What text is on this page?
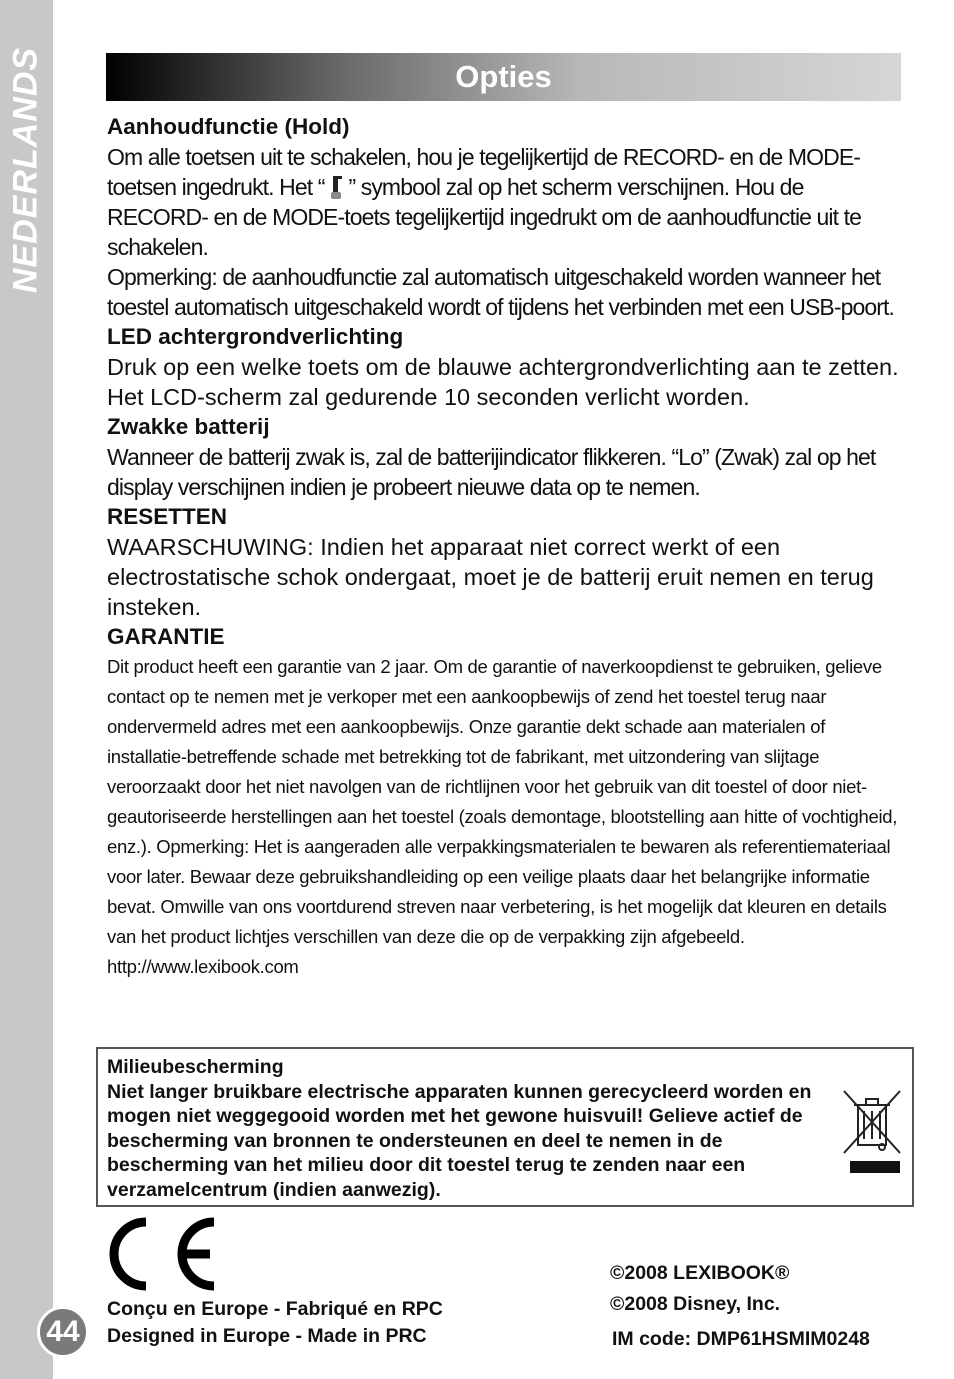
NEDERLANDS
44
Opties
Aanhoudfunctie (Hold)
Om alle toetsen uit te schakelen, hou je tegelijkertijd de RECORD- en de MODE-toetsen ingedrukt. Het “ ” symbool zal op het scherm verschijnen. Hou de RECORD- en de MODE-toets tegelijkertijd ingedrukt om de aanhoudfunctie uit te schakelen.
Opmerking: de aanhoudfunctie zal automatisch uitgeschakeld worden wanneer het toestel automatisch uitgeschakeld wordt of tijdens het verbinden met een USB-poort.
LED achtergrondverlichting
Druk op een welke toets om de blauwe achtergrondverlichting aan te zetten. Het LCD-scherm zal gedurende 10 seconden verlicht worden.
Zwakke batterij
Wanneer de batterij zwak is, zal de batterijindicator flikkeren. “Lo” (Zwak) zal op het display verschijnen indien je probeert nieuwe data op te nemen.
RESETTEN
WAARSCHUWING: Indien het apparaat niet correct werkt of een electrostatische schok ondergaat, moet je de batterij eruit nemen en terug insteken.
GARANTIE
Dit product heeft een garantie van 2 jaar. Om de garantie of naverkoopdienst te gebruiken, gelieve contact op te nemen met je verkoper met een aankoopbewijs of zend het toestel terug naar ondervermeld adres met een aankoopbewijs. Onze garantie dekt schade aan materialen of installatie-betreffende schade met betrekking tot de fabrikant, met uitzondering van slijtage veroorzaakt door het niet navolgen van de richtlijnen voor het gebruik van dit toestel of door niet-geautoriseerde herstellingen aan het toestel (zoals demontage, blootstelling aan hitte of vochtigheid, enz.). Opmerking: Het is aangeraden alle verpakkingsmaterialen te bewaren als referentiemateriaal voor later. Bewaar deze gebruikshandleiding op een veilige plaats daar het belangrijke informatie bevat. Omwille van ons voortdurend streven naar verbetering, is het mogelijk dat kleuren en details van het product lichtjes verschillen van deze die op de verpakking zijn afgebeeld. http://www.lexibook.com
Milieubescherming
Niet langer bruikbare electrische apparaten kunnen gerecycleerd worden en mogen niet weggegooid worden met het gewone huisvuil! Gelieve actief de bescherming van bronnen te ondersteunen en deel te nemen in de bescherming van het milieu door dit toestel terug te zenden naar een verzamelcentrum (indien aanwezig).
Conçu en Europe - Fabriqué en RPC
Designed in Europe - Made in PRC
©2008 LEXIBOOK®
©2008 Disney, Inc.
IM code: DMP61HSMIM0248
